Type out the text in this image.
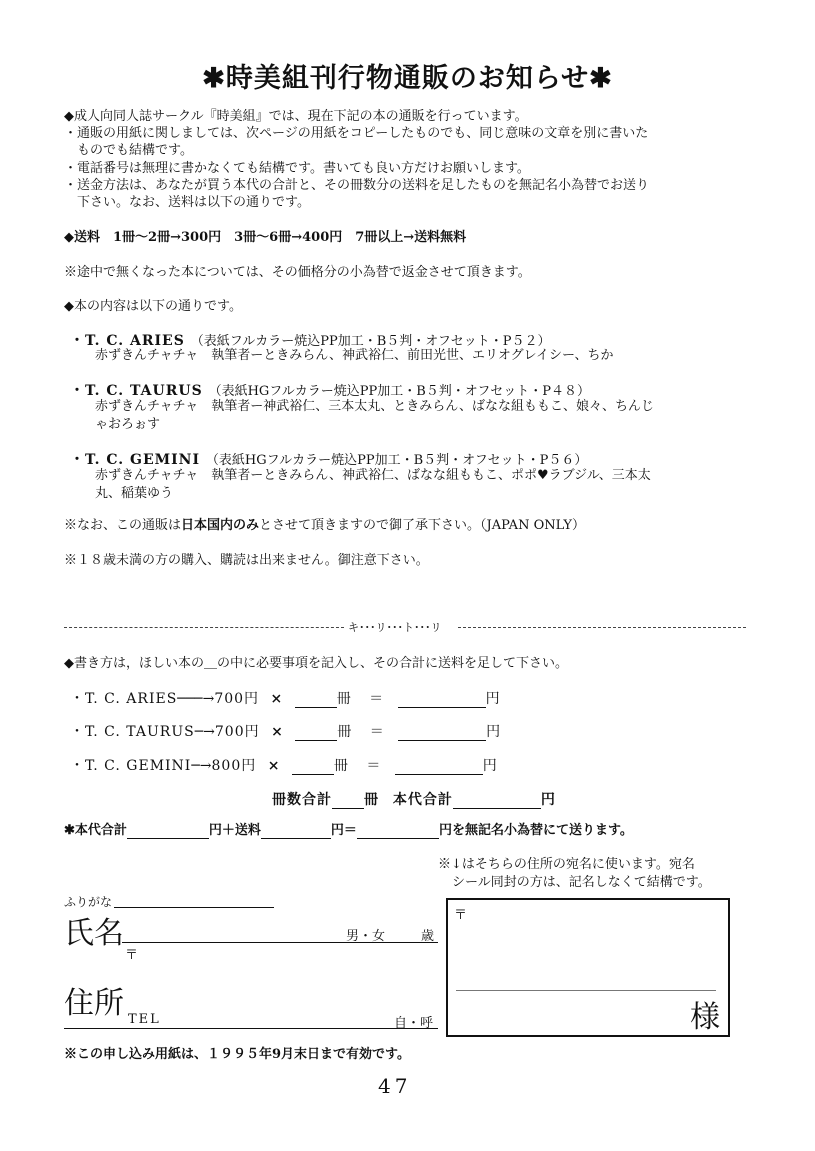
✱時美組刊行物通販のお知らせ✱
◆成人向同人誌サークル『時美組』では、現在下記の本の通販を行っています。
・通販の用紙に関しましては、次ページの用紙をコピーしたものでも、同じ意味の文章を別に書いた
　ものでも結構です。
・電話番号は無理に書かなくても結構です。書いても良い方だけお願いします。
・送金方法は、あなたが買う本代の合計と、その冊数分の送料を足したものを無記名小為替でお送り
　下さい。なお、送料は以下の通りです。
◆送料　1冊〜2冊→300円　3冊〜6冊→400円　7冊以上→送料無料
※途中で無くなった本については、その価格分の小為替で返金させて頂きます。
◆本の内容は以下の通りです。
・T. C. ARIES （表紙フルカラー焼込PP加工・B５判・オフセット・P５２）
赤ずきんチャチャ　執筆者ーときみらん、神武裕仁、前田光世、エリオグレイシー、ちか
・T. C. TAURUS （表紙HGフルカラー焼込PP加工・B５判・オフセット・P４８）
赤ずきんチャチャ　執筆者ー神武裕仁、三本太丸、ときみらん、ばなな組ももこ、娘々、ちんじ
ゃおろぉす
・T. C. GEMINI （表紙HGフルカラー焼込PP加工・B５判・オフセット・P５６）
赤ずきんチャチャ　執筆者ーときみらん、神武裕仁、ばなな組ももこ、ポポ♥ラブジル、三本太
丸、稲葉ゆう
※なお、この通販は日本国内のみとさせて頂きますので御了承下さい。（JAPAN ONLY）
※１８歳未満の方の購入、購読は出来ません。御注意下さい。
キ･･･リ･･･ト･･･リ
◆書き方は，ほしい本の＿の中に必要事項を記入し、その合計に送料を足して下さい。
・T. C. ARIES───→700円 ×	冊 ＝	円
・T. C. TAURUS─→700円 ×	冊 ＝	円
・T. C. GEMINI─→800円 ×	冊 ＝	円
冊数合計 冊 本代合計	円
✱本代合計	円＋送料	円＝	円を無記名小為替にて送ります。
※↓はそちらの住所の宛名に使います。宛名
シール同封の方は、記名しなくて結構です。
ふりがな
氏名
〒
男・女	歳
住所 TEL	自・呼
〒
様
※この申し込み用紙は、１９９５年9月末日まで有効です。
47
